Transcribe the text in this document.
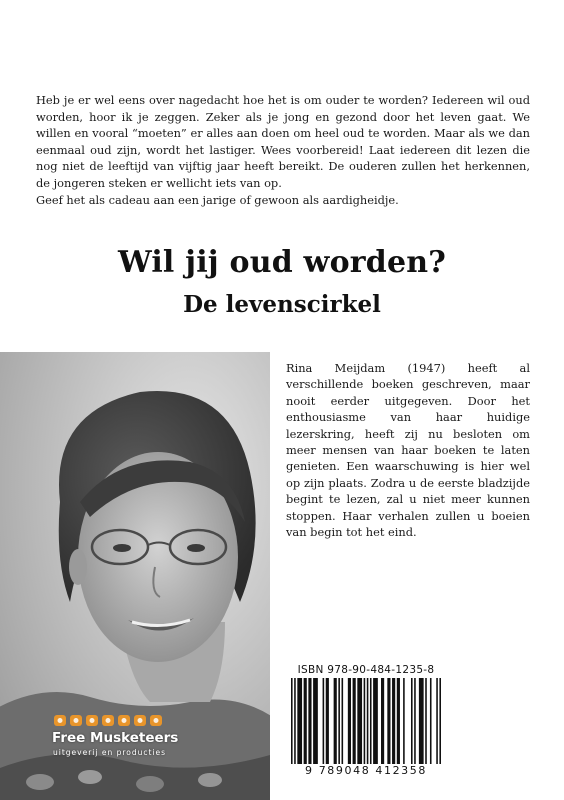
Heb je er wel eens over nagedacht hoe het is om ouder te worden? Iedereen wil oud worden, hoor ik je zeggen. Zeker als je jong en gezond door het leven gaat. We willen en vooral “moeten” er alles aan doen om heel oud te worden. Maar als we dan eenmaal oud zijn, wordt het lastiger. Wees voorbereid! Laat iedereen dit lezen die nog niet de leeftijd van vijftig jaar heeft bereikt. De ouderen zullen het herkennen, de jongeren steken er wellicht iets van op.

Geef het als cadeau aan een jarige of gewoon als aardigheidje.

Wil jij oud worden?
De levenscirkel
Free Musketeers
uitgeverij en producties

Rina Meijdam (1947) heeft al verschillende boeken geschreven, maar nooit eerder uitgegeven. Door het enthousiasme van haar huidige lezerskring, heeft zij nu besloten om meer mensen van haar boeken te laten genieten. Een waarschuwing is hier wel op zijn plaats. Zodra u de eerste bladzijde begint te lezen, zal u niet meer kunnen stoppen. Haar verhalen zullen u boeien van begin tot het eind.

ISBN 978-90-484-1235-8
9 789048 412358
